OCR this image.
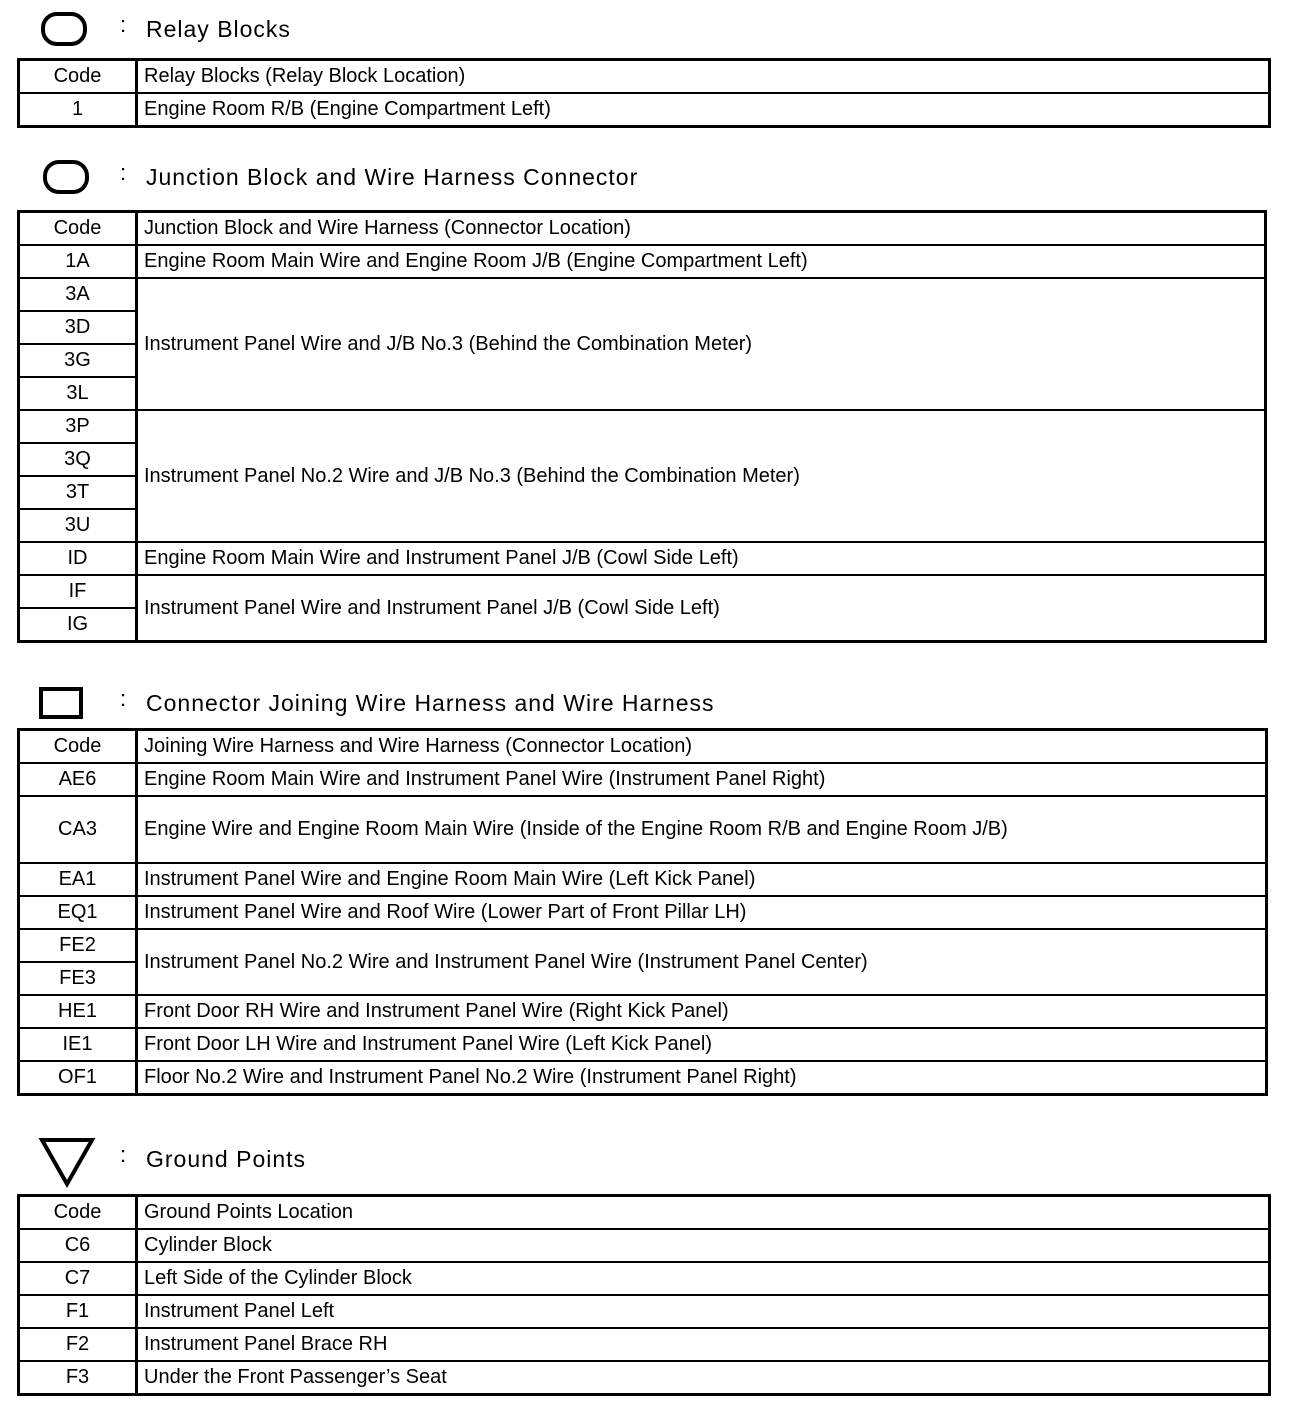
: Relay Blocks
Code	Relay Blocks (Relay Block Location)
1	Engine Room R/B (Engine Compartment Left)
: Junction Block and Wire Harness Connector
Code	Junction Block and Wire Harness (Connector Location)
1A	Engine Room Main Wire and Engine Room J/B (Engine Compartment Left)
3A	Instrument Panel Wire and J/B No.3 (Behind the Combination Meter)
3D	
3G	
3L	
3P	Instrument Panel No.2 Wire and J/B No.3 (Behind the Combination Meter)
3Q	
3T	
3U	
ID	Engine Room Main Wire and Instrument Panel J/B (Cowl Side Left)
IF	Instrument Panel Wire and Instrument Panel J/B (Cowl Side Left)
IG	
: Connector Joining Wire Harness and Wire Harness
Code	Joining Wire Harness and Wire Harness (Connector Location)
AE6	Engine Room Main Wire and Instrument Panel Wire (Instrument Panel Right)
CA3	Engine Wire and Engine Room Main Wire (Inside of the Engine Room R/B and Engine Room J/B)
EA1	Instrument Panel Wire and Engine Room Main Wire (Left Kick Panel)
EQ1	Instrument Panel Wire and Roof Wire (Lower Part of Front Pillar LH)
FE2	Instrument Panel No.2 Wire and Instrument Panel Wire (Instrument Panel Center)
FE3	
HE1	Front Door RH Wire and Instrument Panel Wire (Right Kick Panel)
IE1	Front Door LH Wire and Instrument Panel Wire (Left Kick Panel)
OF1	Floor No.2 Wire and Instrument Panel No.2 Wire (Instrument Panel Right)
: Ground Points
Code	Ground Points Location
C6	Cylinder Block
C7	Left Side of the Cylinder Block
F1	Instrument Panel Left
F2	Instrument Panel Brace RH
F3	Under the Front Passenger’s Seat
